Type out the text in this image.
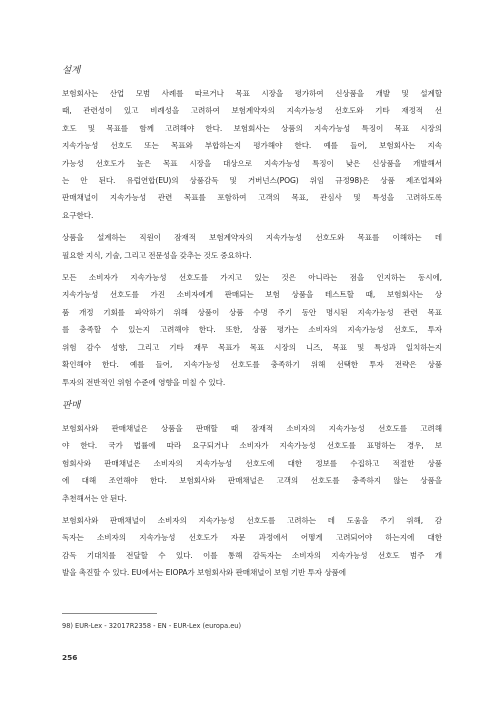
설계
보험회사는 산업 모범 사례를 따르거나 목표 시장을 평가하여 신상품을 개발 및 설계할
때, 관련성이 있고 비례성을 고려하여 보험계약자의 지속가능성 선호도와 기타 재정적 선
호도 및 목표를 함께 고려해야 한다. 보험회사는 상품의 지속가능성 특징이 목표 시장의
지속가능성 선호도 또는 목표와 부합하는지 평가해야 한다. 예를 들어, 보험회사는 지속
가능성 선호도가 높은 목표 시장을 대상으로 지속가능성 특징이 낮은 신상품을 개발해서
는 안 된다. 유럽연합(EU)의 상품감독 및 거버넌스(POG) 위임 규정98)은 상품 제조업체와
판매채널이 지속가능성 관련 목표를 포함하여 고객의 목표, 관심사 및 특성을 고려하도록
요구한다.
상품을 설계하는 직원이 잠재적 보험계약자의 지속가능성 선호도와 목표를 이해하는 데
필요한 지식, 기술, 그리고 전문성을 갖추는 것도 중요하다.
모든 소비자가 지속가능성 선호도를 가지고 있는 것은 아니라는 점을 인지하는 동시에,
지속가능성 선호도를 가진 소비자에게 판매되는 보험 상품을 테스트할 때, 보험회사는 상
품 개정 기회를 파악하기 위해 상품이 상품 수명 주기 동안 명시된 지속가능성 관련 목표
를 충족할 수 있는지 고려해야 한다. 또한, 상품 평가는 소비자의 지속가능성 선호도, 투자
위험 감수 성향, 그리고 기타 재무 목표가 목표 시장의 니즈, 목표 및 특성과 일치하는지
확인해야 한다. 예를 들어, 지속가능성 선호도를 충족하기 위해 선택한 투자 전략은 상품
투자의 전반적인 위험 수준에 영향을 미칠 수 있다.
판매
보험회사와 판매채널은 상품을 판매할 때 잠재적 소비자의 지속가능성 선호도를 고려해
야 한다. 국가 법률에 따라 요구되거나 소비자가 지속가능성 선호도를 표명하는 경우, 보
험회사와 판매채널은 소비자의 지속가능성 선호도에 대한 정보를 수집하고 적절한 상품
에 대해 조언해야 한다. 보험회사와 판매채널은 고객의 선호도를 충족하지 않는 상품을
추천해서는 안 된다.
보험회사와 판매채널이 소비자의 지속가능성 선호도를 고려하는 데 도움을 주기 위해, 감
독자는 소비자의 지속가능성 선호도가 자문 과정에서 어떻게 고려되어야 하는지에 대한
감독 기대치를 전달할 수 있다. 이를 통해 감독자는 소비자의 지속가능성 선호도 범주 개
발을 촉진할 수 있다. EU에서는 EIOPA가 보험회사와 판매채널이 보험 기반 투자 상품에
98) EUR-Lex - 32017R2358 - EN - EUR-Lex (europa.eu)
256
